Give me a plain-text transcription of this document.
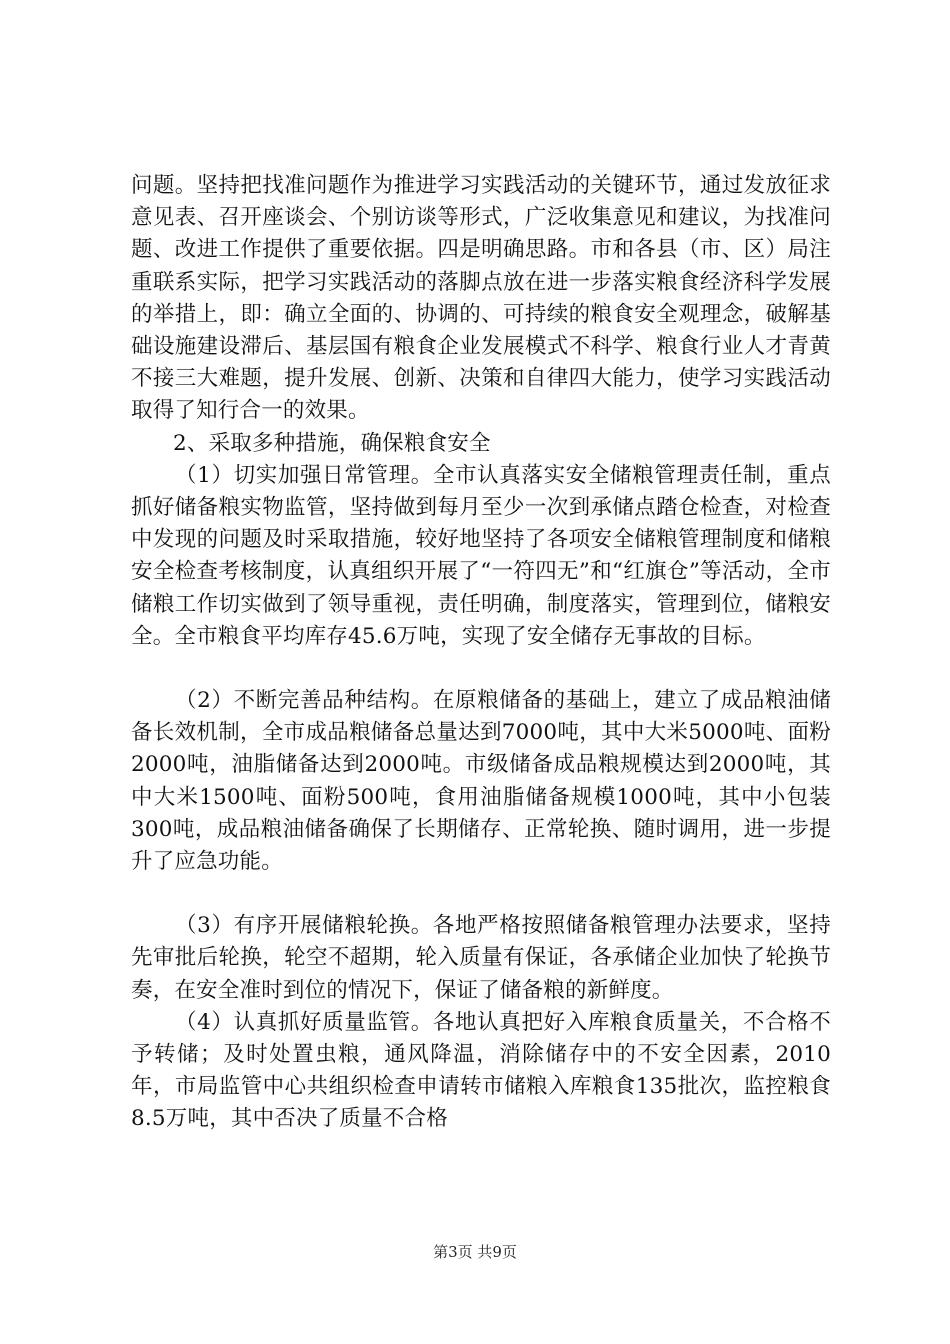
问题。坚持把找准问题作为推进学习实践活动的关键环节，通过发放征求意见表、召开座谈会、个别访谈等形式，广泛收集意见和建议，为找准问题、改进工作提供了重要依据。四是明确思路。市和各县（市、区）局注重联系实际，把学习实践活动的落脚点放在进一步落实粮食经济科学发展的举措上，即：确立全面的、协调的、可持续的粮食安全观理念，破解基础设施建设滞后、基层国有粮食企业发展模式不科学、粮食行业人才青黄不接三大难题，提升发展、创新、决策和自律四大能力，使学习实践活动取得了知行合一的效果。

2、采取多种措施，确保粮食安全

（1）切实加强日常管理。全市认真落实安全储粮管理责任制，重点抓好储备粮实物监管，坚持做到每月至少一次到承储点踏仓检查，对检查中发现的问题及时采取措施，较好地坚持了各项安全储粮管理制度和储粮安全检查考核制度，认真组织开展了“一符四无”和“红旗仓”等活动，全市储粮工作切实做到了领导重视，责任明确，制度落实，管理到位，储粮安全。全市粮食平均库存45.6万吨，实现了安全储存无事故的目标。

（2）不断完善品种结构。在原粮储备的基础上，建立了成品粮油储备长效机制，全市成品粮储备总量达到7000吨，其中大米5000吨、面粉2000吨，油脂储备达到2000吨。市级储备成品粮规模达到2000吨，其中大米1500吨、面粉500吨，食用油脂储备规模1000吨，其中小包装300吨，成品粮油储备确保了长期储存、正常轮换、随时调用，进一步提升了应急功能。

（3）有序开展储粮轮换。各地严格按照储备粮管理办法要求，坚持先审批后轮换，轮空不超期，轮入质量有保证，各承储企业加快了轮换节奏，在安全准时到位的情况下，保证了储备粮的新鲜度。

（4）认真抓好质量监管。各地认真把好入库粮食质量关，不合格不予转储；及时处置虫粮，通风降温，消除储存中的不安全因素，2010年，市局监管中心共组织检查申请转市储粮入库粮食135批次，监控粮食8.5万吨，其中否决了质量不合格

第3页 共9页
